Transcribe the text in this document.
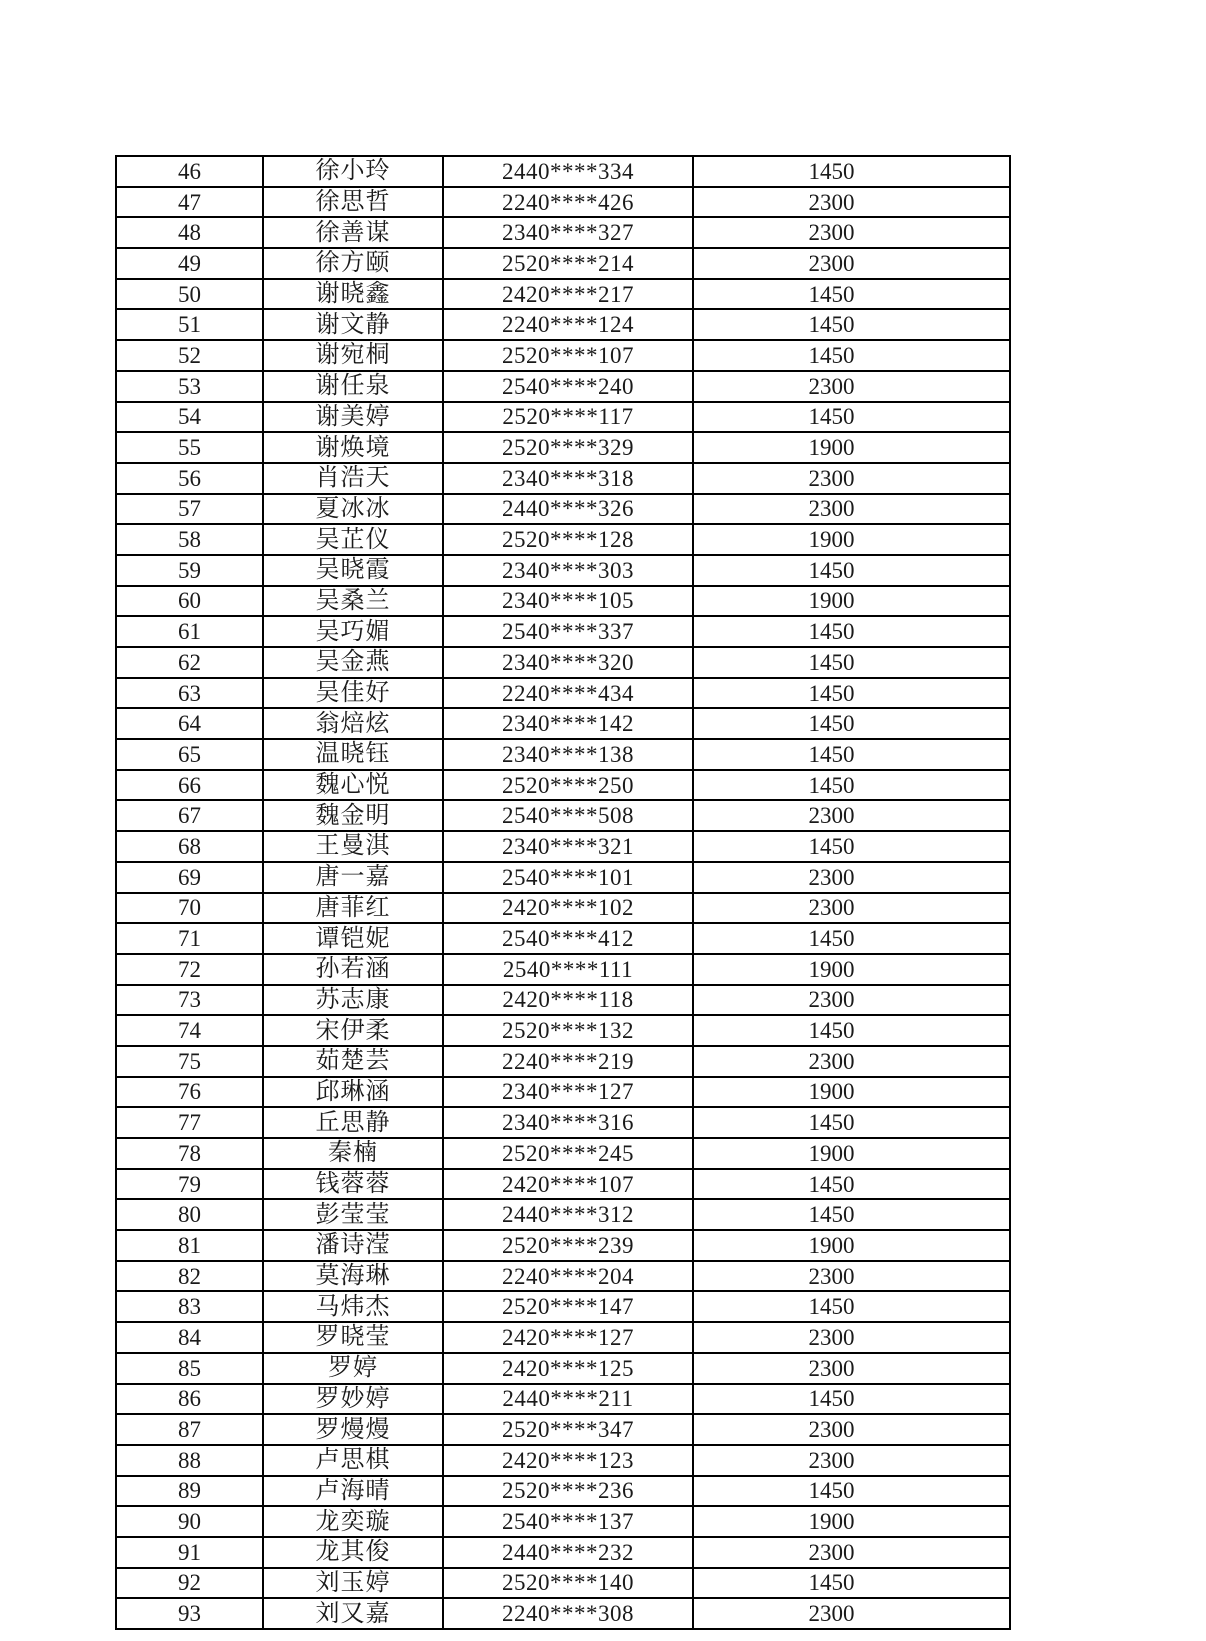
46	徐小玲	2440****334	1450
47	徐思哲	2240****426	2300
48	徐善谋	2340****327	2300
49	徐方颐	2520****214	2300
50	谢晓鑫	2420****217	1450
51	谢文静	2240****124	1450
52	谢宛桐	2520****107	1450
53	谢任泉	2540****240	2300
54	谢美婷	2520****117	1450
55	谢焕境	2520****329	1900
56	肖浩天	2340****318	2300
57	夏冰冰	2440****326	2300
58	吴芷仪	2520****128	1900
59	吴晓霞	2340****303	1450
60	吴桑兰	2340****105	1900
61	吴巧媚	2540****337	1450
62	吴金燕	2340****320	1450
63	吴佳好	2240****434	1450
64	翁焙炫	2340****142	1450
65	温晓钰	2340****138	1450
66	魏心悦	2520****250	1450
67	魏金明	2540****508	2300
68	王曼淇	2340****321	1450
69	唐一嘉	2540****101	2300
70	唐菲红	2420****102	2300
71	谭铠妮	2540****412	1450
72	孙若涵	2540****111	1900
73	苏志康	2420****118	2300
74	宋伊柔	2520****132	1450
75	茹楚芸	2240****219	2300
76	邱琳涵	2340****127	1900
77	丘思静	2340****316	1450
78	秦楠	2520****245	1900
79	钱蓉蓉	2420****107	1450
80	彭莹莹	2440****312	1450
81	潘诗滢	2520****239	1900
82	莫海琳	2240****204	2300
83	马炜杰	2520****147	1450
84	罗晓莹	2420****127	2300
85	罗婷	2420****125	2300
86	罗妙婷	2440****211	1450
87	罗熳熳	2520****347	2300
88	卢思棋	2420****123	2300
89	卢海晴	2520****236	1450
90	龙奕璇	2540****137	1900
91	龙其俊	2440****232	2300
92	刘玉婷	2520****140	1450
93	刘又嘉	2240****308	2300
